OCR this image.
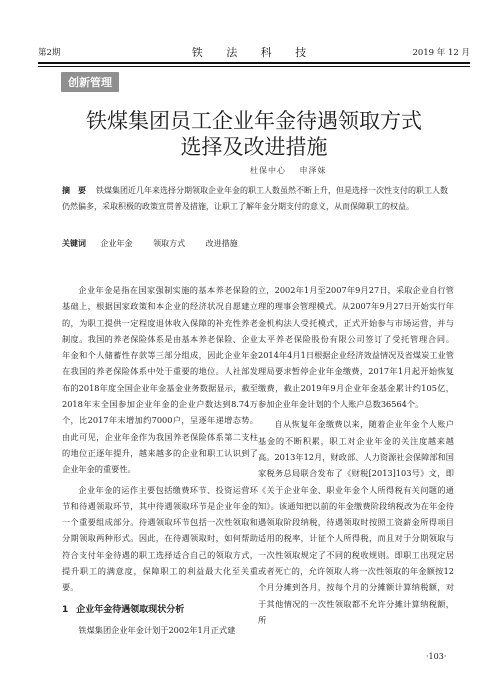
第2期	铁 法 科 技	2019 年 12 月
创新管理
铁煤集团员工企业年金待遇领取方式
选择及改进措施
杜保中心 申泽妹
摘　要 铁煤集团近几年来选择分期领取企业年金的职工人数虽然不断上升，但是选择一次性支付的职工人数仍然偏多，采取积极的政策宣贯普及措施，让职工了解年金分期支付的意义，从而保障职工的权益。
关键词 企业年金	领取方式	改进措施

企业年金是指在国家强制实施的基本养老保险的基础上，根据国家政策和本企业的经济状况自愿建立的，为职工提供一定程度退休收入保障的补充性养老制度。我国的养老保险体系是由基本养老保险、企业年金和个人储蓄性存款等三部分组成，因此企业年金在我国的养老保险体系中处于重要的地位。人社部发布的2018年度全国企业年金基金业务数据显示，截至2018年末全国参加企业年金的企业户数达到8.74万个，比2017年末增加约7000户，呈逐年递增态势。由此可见，企业年金作为我国养老保险体系第二支柱的地位正逐年提升，越来越多的企业和职工认识到了企业年金的重要性。

企业年金的运作主要包括缴费环节、投资运营环节和待遇领取环节，其中待遇领取环节是企业年金的一个重要组成部分。待遇领取环节包括一次性领取和分期领取两种形式。因此，在待遇领取时，如何帮助符合支付年金待遇的职工选择适合自己的领取方式，提升职工的满意度，保障职工的利益最大化至关重要。

1 企业年金待遇领取现状分析

铁煤集团企业年金计划于2002年1月正式建

立，2002年1月至2007年9月27日，采取企业自行管理的理事会管理模式。从2007年9月27日开始实行年金机构法人受托模式，正式开始参与市场运营，并与太平养老保险股份有限公司签订了受托管理合同。2014年4月1日根据企业经济效益情况及省煤炭工业管理局要求暂停企业年金缴费，2017年1月起开始恢复缴费，截止2019年9月企业年金基金累计约105亿，参加企业年金计划的个人账户总数36564个。

自从恢复年金缴费以来，随着企业年金个人账户基金的不断积累，职工对企业年金的关注度越来越高。2013年12月，财政部、人力资源社会保障部和国家税务总局联合发布了《财税[2013]103号》文，即《关于企业年金、职业年金个人所得税有关问题的通知》。该通知把以前的年金缴费阶段纳税改为在年金待遇领取阶段纳税，待遇领取时按照工资薪金所得项目适用的税率，计征个人所得税，而且对于分期领取与一次性领取规定了不同的税收规则。即职工出现定居或者死亡的，允许领取人将一次性领取的年金额按12个月分摊到各月，按每个月的分摊额计算纳税额，对于其他情况的一次性领取都不允许分摊计算纳税额，所

·103·
